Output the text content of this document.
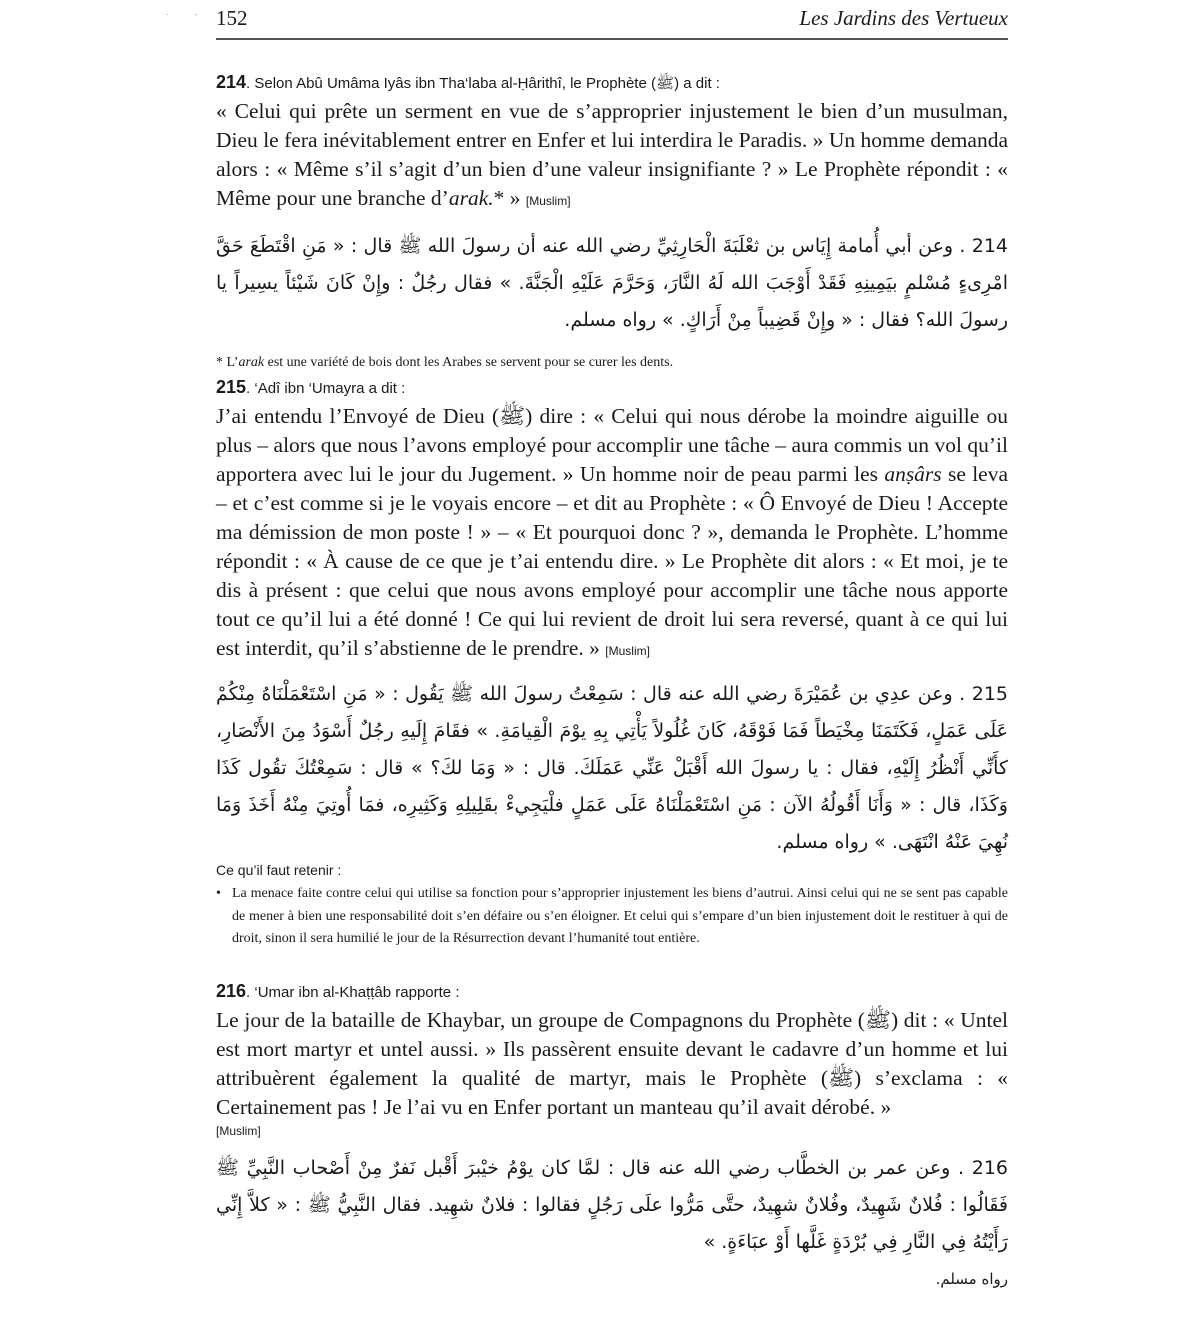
· - 152	Les Jardins des Vertueux
214. Selon Abû Umâma Iyâs ibn Tha‘laba al-Ḥârithî, le Prophète (ﷺ) a dit :
« Celui qui prête un serment en vue de s’approprier injustement le bien d’un musulman, Dieu le fera inévitablement entrer en Enfer et lui interdira le Paradis. » Un homme demanda alors : « Même s’il s’agit d’un bien d’une valeur insignifiante ? » Le Prophète répondit : « Même pour une branche d’arak.* » [Muslim]
214 . وعن أبي أُمامة إِيَاس بن ثعْلَبَةَ الْحَارِثِيِّ رضي الله عنه أن رسولَ الله ﷺ قال : « مَنِ اقْتَطَعَ حَقَّ امْرِىءٍ مُسْلمٍ بيَمِينِهِ فَقَدْ أَوْجَبَ الله لَهُ النَّارَ، وَحَرَّمَ عَلَيْهِ الْجَنَّةَ. » فقال رجُلٌ : وإِنْ كَانَ شَيْئاً يسِيراً يا رسولَ الله؟ فقال : « وإِنْ قَضِيباً مِنْ أَرَاكٍ. » رواه مسلم.
* L’arak est une variété de bois dont les Arabes se servent pour se curer les dents.
215. ‘Adî ibn ‘Umayra a dit :
J’ai entendu l’Envoyé de Dieu (ﷺ) dire : « Celui qui nous dérobe la moindre aiguille ou plus – alors que nous l’avons employé pour accomplir une tâche – aura commis un vol qu’il apportera avec lui le jour du Jugement. » Un homme noir de peau parmi les anṣârs se leva – et c’est comme si je le voyais encore – et dit au Prophète : « Ô Envoyé de Dieu ! Accepte ma démission de mon poste ! » – « Et pourquoi donc ? », demanda le Prophète. L’homme répondit : « À cause de ce que je t’ai entendu dire. » Le Prophète dit alors : « Et moi, je te dis à présent : que celui que nous avons employé pour accomplir une tâche nous apporte tout ce qu’il lui a été donné ! Ce qui lui revient de droit lui sera reversé, quant à ce qui lui est interdit, qu’il s’abstienne de le prendre. » [Muslim]
215 . وعن عدِي بن عُمَيْرَةَ رضي الله عنه قال : سَمِعْتُ رسولَ الله ﷺ يَقُول : « مَنِ اسْتَعْمَلْنَاهُ مِنْكُمْ عَلَى عَمَلٍ، فَكَتَمَنَا مِخْيَطاً فَمَا فَوْقَهُ، كَانَ غُلُولاً يَأْتِي بِهِ يوْمَ الْقِيامَةِ. » فقَامَ إِلَيهِ رجُلٌ أَسْوَدُ مِنَ الأَنْصَارِ، كأَنِّي أَنْظُرُ إِلَيْهِ، فقال : يا رسولَ الله أَقْبَلْ عَنِّي عَمَلَكَ. قال : « وَمَا لكَ؟ » قال : سَمِعْتُكَ تقُول كَذَا وَكَذَا، قال : « وَأَنَا أَقُولُهُ الآن : مَنِ اسْتَعْمَلْنَاهُ عَلَى عَمَلٍ فلْيَجِيءْ بقَلِيلِهِ وَكَثِيرِه، فمَا أُوتِيَ مِنْهُ أَخَذَ وَمَا نُهِيَ عَنْهُ انْتَهَى. » رواه مسلم.
Ce qu’il faut retenir :
• La menace faite contre celui qui utilise sa fonction pour s’approprier injustement les biens d’autrui. Ainsi celui qui ne se sent pas capable de mener à bien une responsabilité doit s’en défaire ou s’en éloigner. Et celui qui s’empare d’un bien injustement doit le restituer à qui de droit, sinon il sera humilié le jour de la Résurrection devant l’humanité tout entière.
216. ‘Umar ibn al-Khaṭṭâb rapporte :
Le jour de la bataille de Khaybar, un groupe de Compagnons du Prophète (ﷺ) dit : « Untel est mort martyr et untel aussi. » Ils passèrent ensuite devant le cadavre d’un homme et lui attribuèrent également la qualité de martyr, mais le Prophète (ﷺ) s’exclama : « Certainement pas ! Je l’ai vu en Enfer portant un manteau qu’il avait dérobé. »
[Muslim]
216 . وعن عمر بن الخطَّاب رضي الله عنه قال : لمَّا كان يوْمُ خيْبرَ أَقْبل نَفرٌ مِنْ أَصْحاب النَّبِيِّ ﷺ فَقَالُوا : فُلانٌ شَهِيدٌ، وفُلانٌ شهِيدٌ، حتَّى مَرُّوا علَى رَجُلٍ فقالوا : فلانٌ شهِيد. فقال النَّبِيُّ ﷺ : « كلاَّ إِنِّي رَأَيْتُهُ فِي النَّارِ فِي بُرْدَةٍ غَلَّها أَوْ عبَاءَةٍ. »
رواه مسلم.
